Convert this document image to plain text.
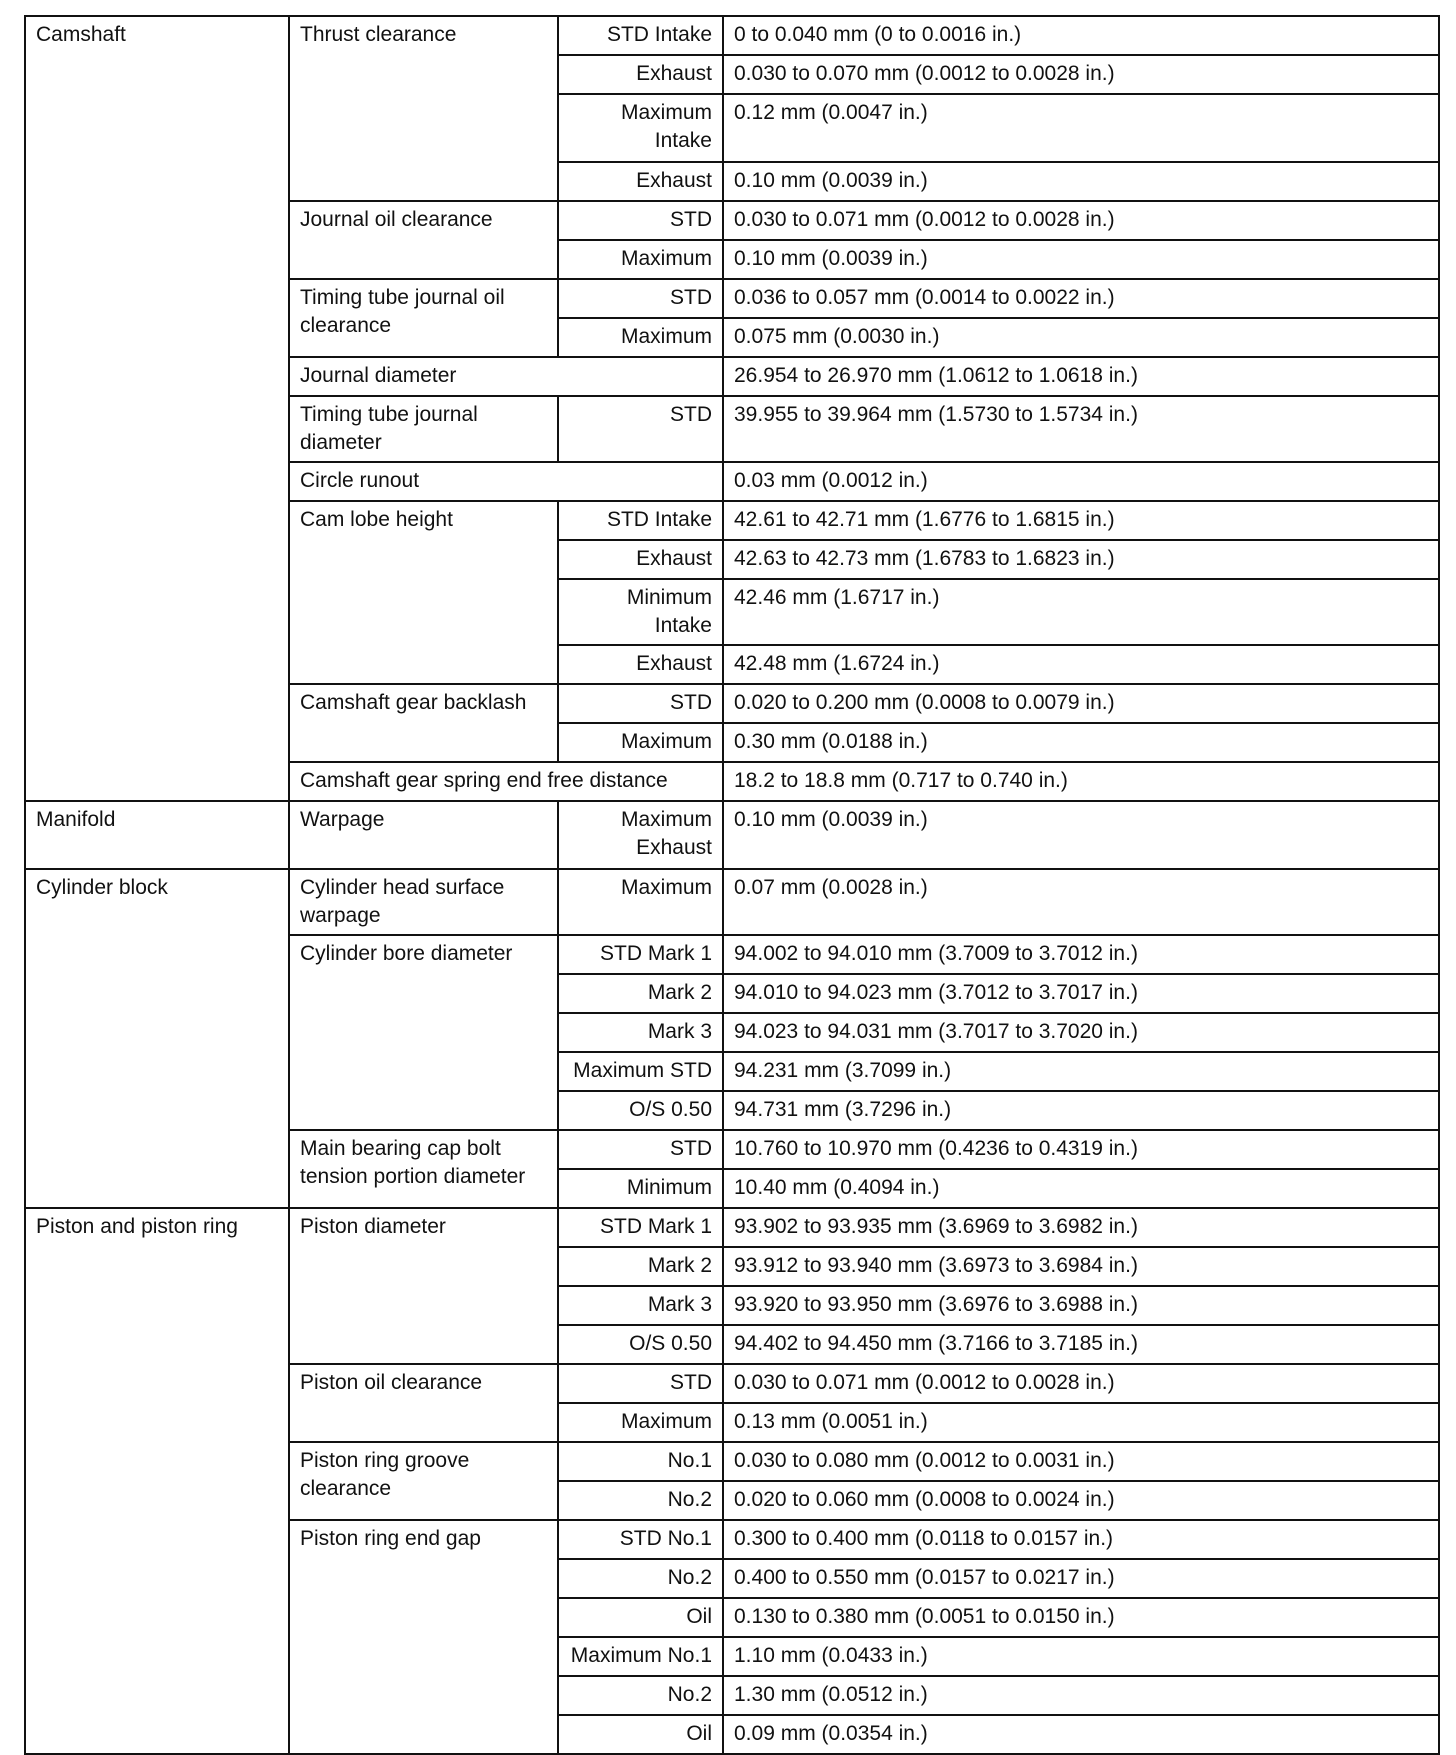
Camshaft	Thrust clearance	STD Intake	0 to 0.040 mm (0 to 0.0016 in.)
		Exhaust	0.030 to 0.070 mm (0.0012 to 0.0028 in.)
		Maximum Intake	0.12 mm (0.0047 in.)
		Exhaust	0.10 mm (0.0039 in.)
	Journal oil clearance	STD	0.030 to 0.071 mm (0.0012 to 0.0028 in.)
		Maximum	0.10 mm (0.0039 in.)
	Timing tube journal oil clearance	STD	0.036 to 0.057 mm (0.0014 to 0.0022 in.)
		Maximum	0.075 mm (0.0030 in.)
	Journal diameter		26.954 to 26.970 mm (1.0612 to 1.0618 in.)
	Timing tube journal diameter	STD	39.955 to 39.964 mm (1.5730 to 1.5734 in.)
	Circle runout		0.03 mm (0.0012 in.)
	Cam lobe height	STD Intake	42.61 to 42.71 mm (1.6776 to 1.6815 in.)
		Exhaust	42.63 to 42.73 mm (1.6783 to 1.6823 in.)
		Minimum Intake	42.46 mm (1.6717 in.)
		Exhaust	42.48 mm (1.6724 in.)
	Camshaft gear backlash	STD	0.020 to 0.200 mm (0.0008 to 0.0079 in.)
		Maximum	0.30 mm (0.0188 in.)
	Camshaft gear spring end free distance		18.2 to 18.8 mm (0.717 to 0.740 in.)
Manifold	Warpage	Maximum Exhaust	0.10 mm (0.0039 in.)
Cylinder block	Cylinder head surface warpage	Maximum	0.07 mm (0.0028 in.)
	Cylinder bore diameter	STD Mark 1	94.002 to 94.010 mm (3.7009 to 3.7012 in.)
		Mark 2	94.010 to 94.023 mm (3.7012 to 3.7017 in.)
		Mark 3	94.023 to 94.031 mm (3.7017 to 3.7020 in.)
		Maximum STD	94.231 mm (3.7099 in.)
		O/S 0.50	94.731 mm (3.7296 in.)
	Main bearing cap bolt tension portion diameter	STD	10.760 to 10.970 mm (0.4236 to 0.4319 in.)
		Minimum	10.40 mm (0.4094 in.)
Piston and piston ring	Piston diameter	STD Mark 1	93.902 to 93.935 mm (3.6969 to 3.6982 in.)
		Mark 2	93.912 to 93.940 mm (3.6973 to 3.6984 in.)
		Mark 3	93.920 to 93.950 mm (3.6976 to 3.6988 in.)
		O/S 0.50	94.402 to 94.450 mm (3.7166 to 3.7185 in.)
	Piston oil clearance	STD	0.030 to 0.071 mm (0.0012 to 0.0028 in.)
		Maximum	0.13 mm (0.0051 in.)
	Piston ring groove clearance	No.1	0.030 to 0.080 mm (0.0012 to 0.0031 in.)
		No.2	0.020 to 0.060 mm (0.0008 to 0.0024 in.)
	Piston ring end gap	STD No.1	0.300 to 0.400 mm (0.0118 to 0.0157 in.)
		No.2	0.400 to 0.550 mm (0.0157 to 0.0217 in.)
		Oil	0.130 to 0.380 mm (0.0051 to 0.0150 in.)
		Maximum No.1	1.10 mm (0.0433 in.)
		No.2	1.30 mm (0.0512 in.)
		Oil	0.09 mm (0.0354 in.)
